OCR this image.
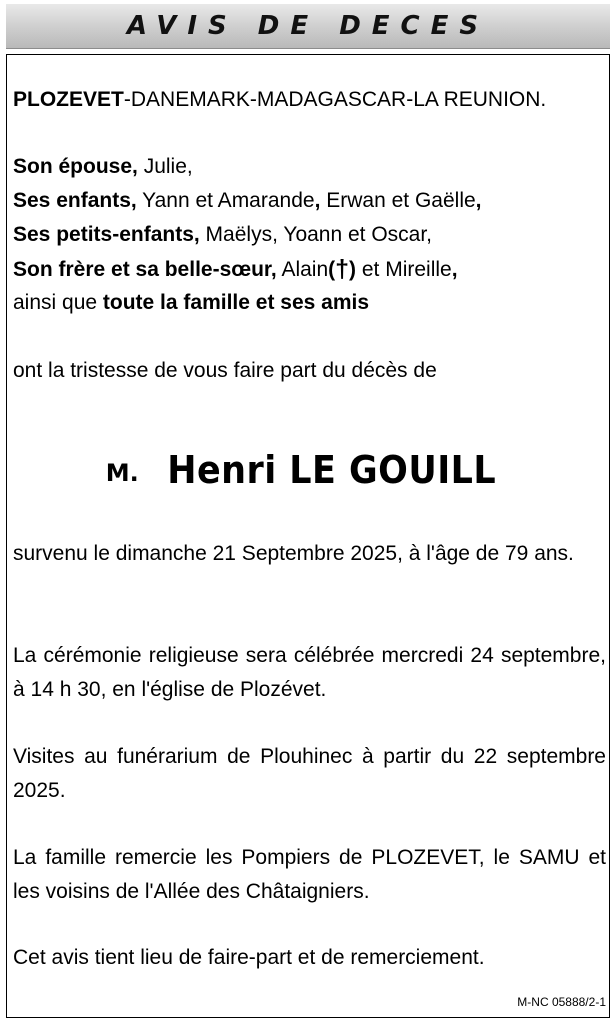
AVIS DE DECES
PLOZEVET-DANEMARK-MADAGASCAR-LA REUNION.
Son épouse, Julie,
Ses enfants, Yann et Amarande, Erwan et Gaëlle,
Ses petits-enfants, Maëlys, Yoann et Oscar,
Son frère et sa belle-sœur, Alain(†) et Mireille,
ainsi que toute la famille et ses amis
ont la tristesse de vous faire part du décès de
M. Henri LE GOUILL
survenu le dimanche 21 Septembre 2025, à l'âge de 79 ans.
La cérémonie religieuse sera célébrée mercredi 24 septembre, à 14 h 30, en l'église de Plozévet.
Visites au funérarium de Plouhinec à partir du 22 septembre 2025.
La famille remercie les Pompiers de PLOZEVET, le SAMU et les voisins de l'Allée des Châtaigniers.
Cet avis tient lieu de faire-part et de remerciement.
M-NC 05888/2-1
